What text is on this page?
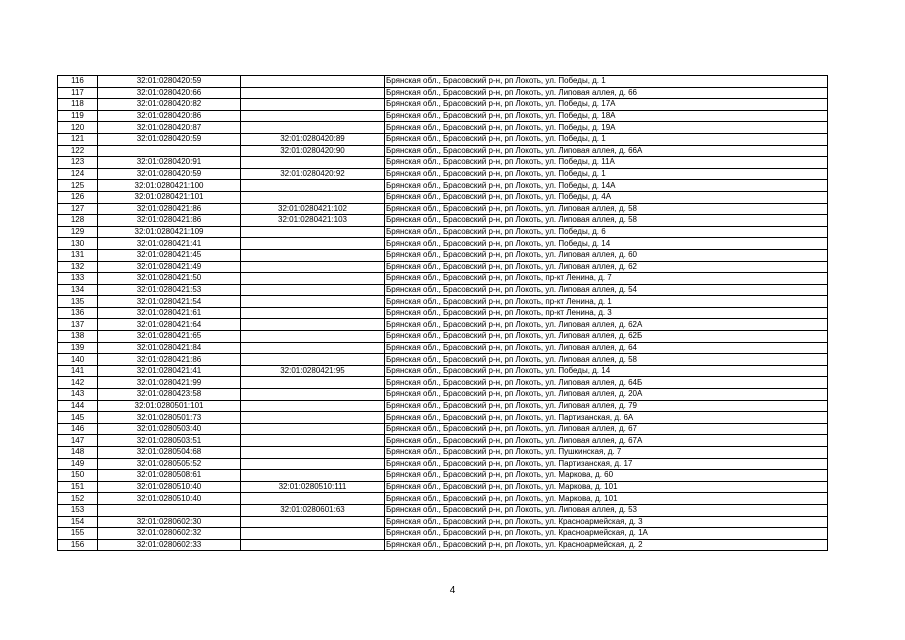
116	32:01:0280420:59		Брянская обл., Брасовский р-н, рп Локоть, ул. Победы, д. 1
117	32:01:0280420:66		Брянская обл., Брасовский р-н, рп Локоть, ул. Липовая аллея, д. 66
118	32:01:0280420:82		Брянская обл., Брасовский р-н, рп Локоть, ул. Победы, д. 17А
119	32:01:0280420:86		Брянская обл., Брасовский р-н, рп Локоть, ул. Победы, д. 18А
120	32:01:0280420:87		Брянская обл., Брасовский р-н, рп Локоть, ул. Победы, д. 19А
121	32:01:0280420:59	32:01:0280420:89	Брянская обл., Брасовский р-н, рп Локоть, ул. Победы, д. 1
122		32:01:0280420:90	Брянская обл., Брасовский р-н, рп Локоть, ул. Липовая аллея, д. 66А
123	32:01:0280420:91		Брянская обл., Брасовский р-н, рп Локоть, ул. Победы, д. 11А
124	32:01:0280420:59	32:01:0280420:92	Брянская обл., Брасовский р-н, рп Локоть, ул. Победы, д. 1
125	32:01:0280421:100		Брянская обл., Брасовский р-н, рп Локоть, ул. Победы, д. 14А
126	32:01:0280421:101		Брянская обл., Брасовский р-н, рп Локоть, ул. Победы, д. 4А
127	32:01:0280421:86	32:01:0280421:102	Брянская обл., Брасовский р-н, рп Локоть, ул. Липовая аллея, д. 58
128	32:01:0280421:86	32:01:0280421:103	Брянская обл., Брасовский р-н, рп Локоть, ул. Липовая аллея, д. 58
129	32:01:0280421:109		Брянская обл., Брасовский р-н, рп Локоть, ул. Победы, д. 6
130	32:01:0280421:41		Брянская обл., Брасовский р-н, рп Локоть, ул. Победы, д. 14
131	32:01:0280421:45		Брянская обл., Брасовский р-н, рп Локоть, ул. Липовая аллея, д. 60
132	32:01:0280421:49		Брянская обл., Брасовский р-н, рп Локоть, ул. Липовая аллея, д. 62
133	32:01:0280421:50		Брянская обл., Брасовский р-н, рп Локоть, пр-кт Ленина, д. 7
134	32:01:0280421:53		Брянская обл., Брасовский р-н, рп Локоть, ул. Липовая аллея, д. 54
135	32:01:0280421:54		Брянская обл., Брасовский р-н, рп Локоть, пр-кт Ленина, д. 1
136	32:01:0280421:61		Брянская обл., Брасовский р-н, рп Локоть, пр-кт Ленина, д. 3
137	32:01:0280421:64		Брянская обл., Брасовский р-н, рп Локоть, ул. Липовая аллея, д. 62А
138	32:01:0280421:65		Брянская обл., Брасовский р-н, рп Локоть, ул. Липовая аллея, д. 62Б
139	32:01:0280421:84		Брянская обл., Брасовский р-н, рп Локоть, ул. Липовая аллея, д. 64
140	32:01:0280421:86		Брянская обл., Брасовский р-н, рп Локоть, ул. Липовая аллея, д. 58
141	32:01:0280421:41	32:01:0280421:95	Брянская обл., Брасовский р-н, рп Локоть, ул. Победы, д. 14
142	32:01:0280421:99		Брянская обл., Брасовский р-н, рп Локоть, ул. Липовая аллея, д. 64Б
143	32:01:0280423:58		Брянская обл., Брасовский р-н, рп Локоть, ул. Липовая аллея, д. 20А
144	32:01:0280501:101		Брянская обл., Брасовский р-н, рп Локоть, ул. Липовая аллея, д. 79
145	32:01:0280501:73		Брянская обл., Брасовский р-н, рп Локоть, ул. Партизанская, д. 6А
146	32:01:0280503:40		Брянская обл., Брасовский р-н, рп Локоть, ул. Липовая аллея, д. 67
147	32:01:0280503:51		Брянская обл., Брасовский р-н, рп Локоть, ул. Липовая аллея, д. 67А
148	32:01:0280504:68		Брянская обл., Брасовский р-н, рп Локоть, ул. Пушкинская, д. 7
149	32:01:0280505:52		Брянская обл., Брасовский р-н, рп Локоть, ул. Партизанская, д. 17
150	32:01:0280508:61		Брянская обл., Брасовский р-н, рп Локоть, ул. Маркова, д. 60
151	32:01:0280510:40	32:01:0280510:111	Брянская обл., Брасовский р-н, рп Локоть, ул. Маркова, д. 101
152	32:01:0280510:40		Брянская обл., Брасовский р-н, рп Локоть, ул. Маркова, д. 101
153		32:01:0280601:63	Брянская обл., Брасовский р-н, рп Локоть, ул. Липовая аллея, д. 53
154	32:01:0280602:30		Брянская обл., Брасовский р-н, рп Локоть, ул. Красноармейская, д. 3
155	32:01:0280602:32		Брянская обл., Брасовский р-н, рп Локоть, ул. Красноармейская, д. 1А
156	32:01:0280602:33		Брянская обл., Брасовский р-н, рп Локоть, ул. Красноармейская, д. 2
4
